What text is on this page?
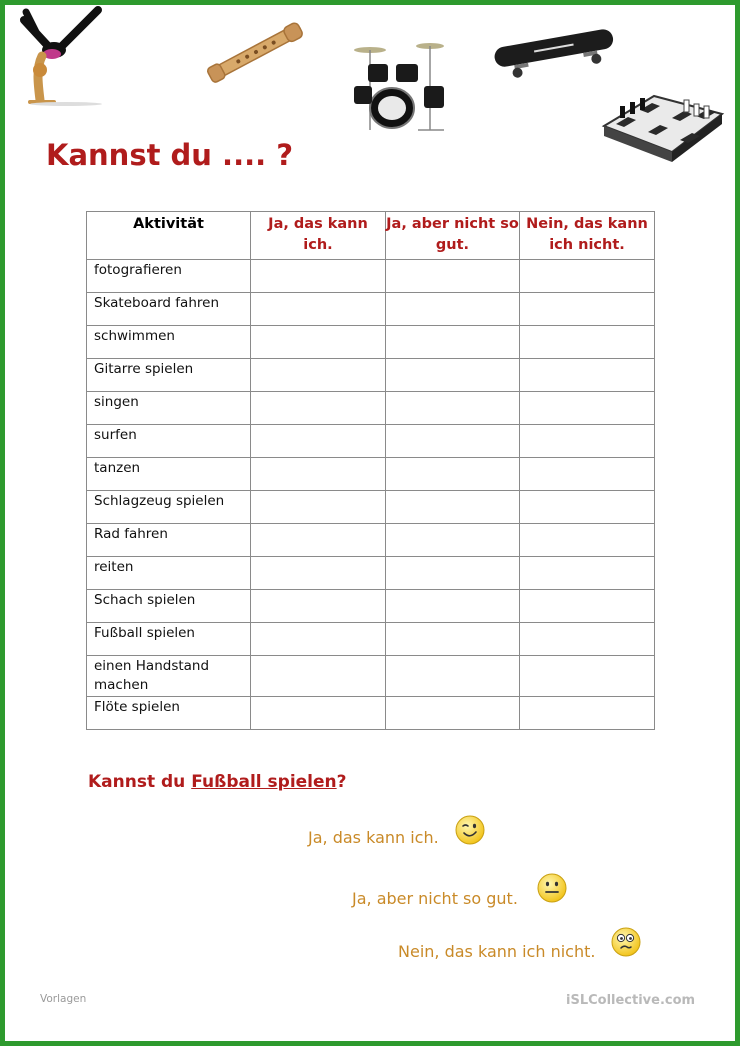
Kannst du .... ?
Aktivität	Ja, das kann ich.	Ja, aber nicht so gut.	Nein, das kann ich nicht.
fotografieren			
Skateboard fahren			
schwimmen			
Gitarre spielen			
singen			
surfen			
tanzen			
Schlagzeug spielen			
Rad fahren			
reiten			
Schach spielen			
Fußball spielen			
einen Handstand machen			
Flöte spielen			
Kannst du Fußball spielen?
Ja, das kann ich.
Ja, aber nicht so gut.
Nein, das kann ich nicht.
Vorlagen	iSLCollective.com
